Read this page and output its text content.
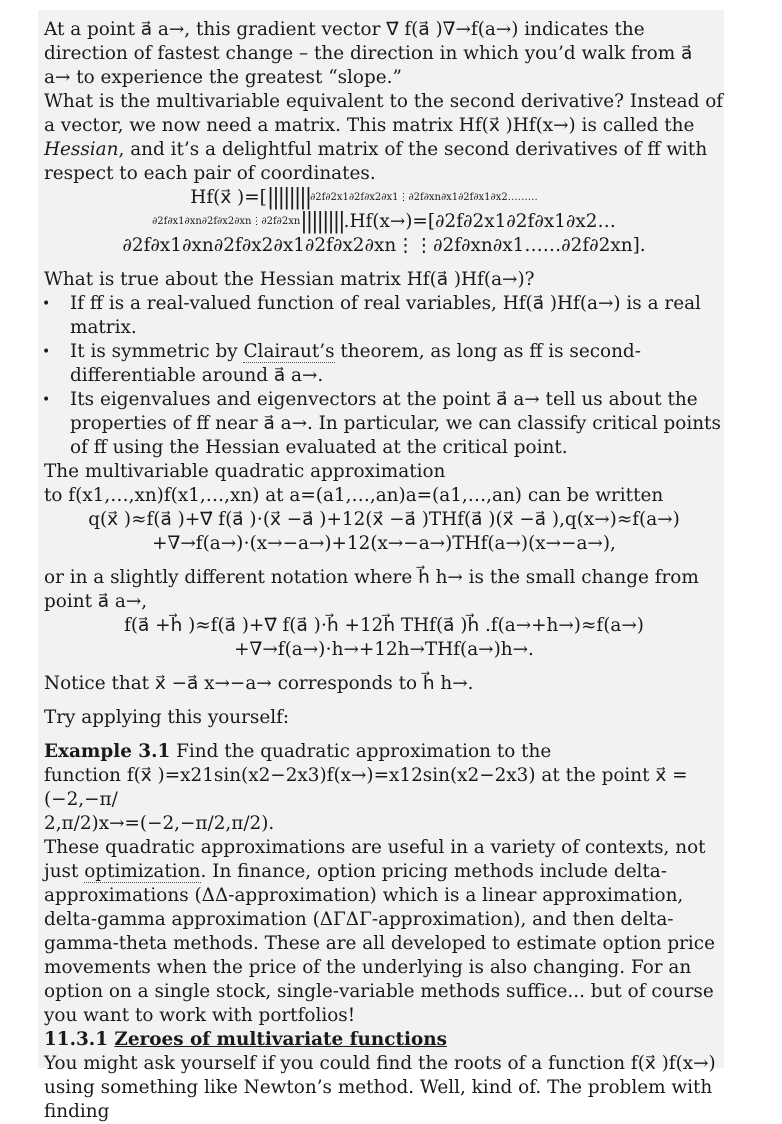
At a point a⃗ a→, this gradient vector ∇⃗ f(a⃗ )∇→f(a→) indicates the direction of fastest change – the direction in which you’d walk from a⃗ a→ to experience the greatest “slope.”

What is the multivariable equivalent to the second derivative? Instead of a vector, we now need a matrix. This matrix Hf(x⃗ )Hf(x→) is called the Hessian, and it’s a delightful matrix of the second derivatives of ff with respect to each pair of coordinates.

Hf(x⃗ )=[||||||||∂2f∂2x1∂2f∂x2∂x1⋮∂2f∂xn∂x1∂2f∂x1∂x2………
∂2f∂x1∂xn∂2f∂x2∂xn⋮∂2f∂2xn||||||||.Hf(x→)=[∂2f∂2x1∂2f∂x1∂x2…
∂2f∂x1∂xn∂2f∂x2∂x1∂2f∂x2∂xn⋮⋮∂2f∂xn∂x1……∂2f∂2xn].

What is true about the Hessian matrix Hf(a⃗ )Hf(a→)?

• If ff is a real-valued function of real variables, Hf(a⃗ )Hf(a→) is a real matrix.
• It is symmetric by Clairaut’s theorem, as long as ff is second-differentiable around a⃗ a→.
• Its eigenvalues and eigenvectors at the point a⃗ a→ tell us about the properties of ff near a⃗ a→. In particular, we can classify critical points of ff using the Hessian evaluated at the critical point.

The multivariable quadratic approximation

to f(x1,…,xn)f(x1,…,xn) at a=(a1,…,an)a=(a1,…,an) can be written

q(x⃗ )≈f(a⃗ )+∇⃗ f(a⃗ )⋅(x⃗ −a⃗ )+12(x⃗ −a⃗ )THf(a⃗ )(x⃗ −a⃗ ),q(x→)≈f(a→)

+∇→f(a→)⋅(x→−a→)+12(x→−a→)THf(a→)(x→−a→),

or in a slightly different notation where h⃗ h→ is the small change from

point a⃗ a→,

f(a⃗ +h⃗ )≈f(a⃗ )+∇⃗ f(a⃗ )⋅h⃗ +12h⃗ THf(a⃗ )h⃗ .f(a→+h→)≈f(a→)

+∇→f(a→)⋅h→+12h→THf(a→)h→.

Notice that x⃗ −a⃗ x→−a→ corresponds to h⃗ h→.

Try applying this yourself:

Example 3.1 Find the quadratic approximation to the

function f(x⃗ )=x21sin(x2−2x3)f(x→)=x12sin(x2−2x3) at the point x⃗ =(−2,−π/

2,π/2)x→=(−2,−π/2,π/2).

These quadratic approximations are useful in a variety of contexts, not just optimization. In finance, option pricing methods include delta-approximations (ΔΔ-approximation) which is a linear approximation, delta-gamma approximation (ΔΓΔΓ-approximation), and then delta-gamma-theta methods. These are all developed to estimate option price movements when the price of the underlying is also changing. For an option on a single stock, single-variable methods suffice... but of course you want to work with portfolios!

11.3.1 Zeroes of multivariate functions

You might ask yourself if you could find the roots of a function f(x⃗ )f(x→) using something like Newton’s method. Well, kind of. The problem with finding
